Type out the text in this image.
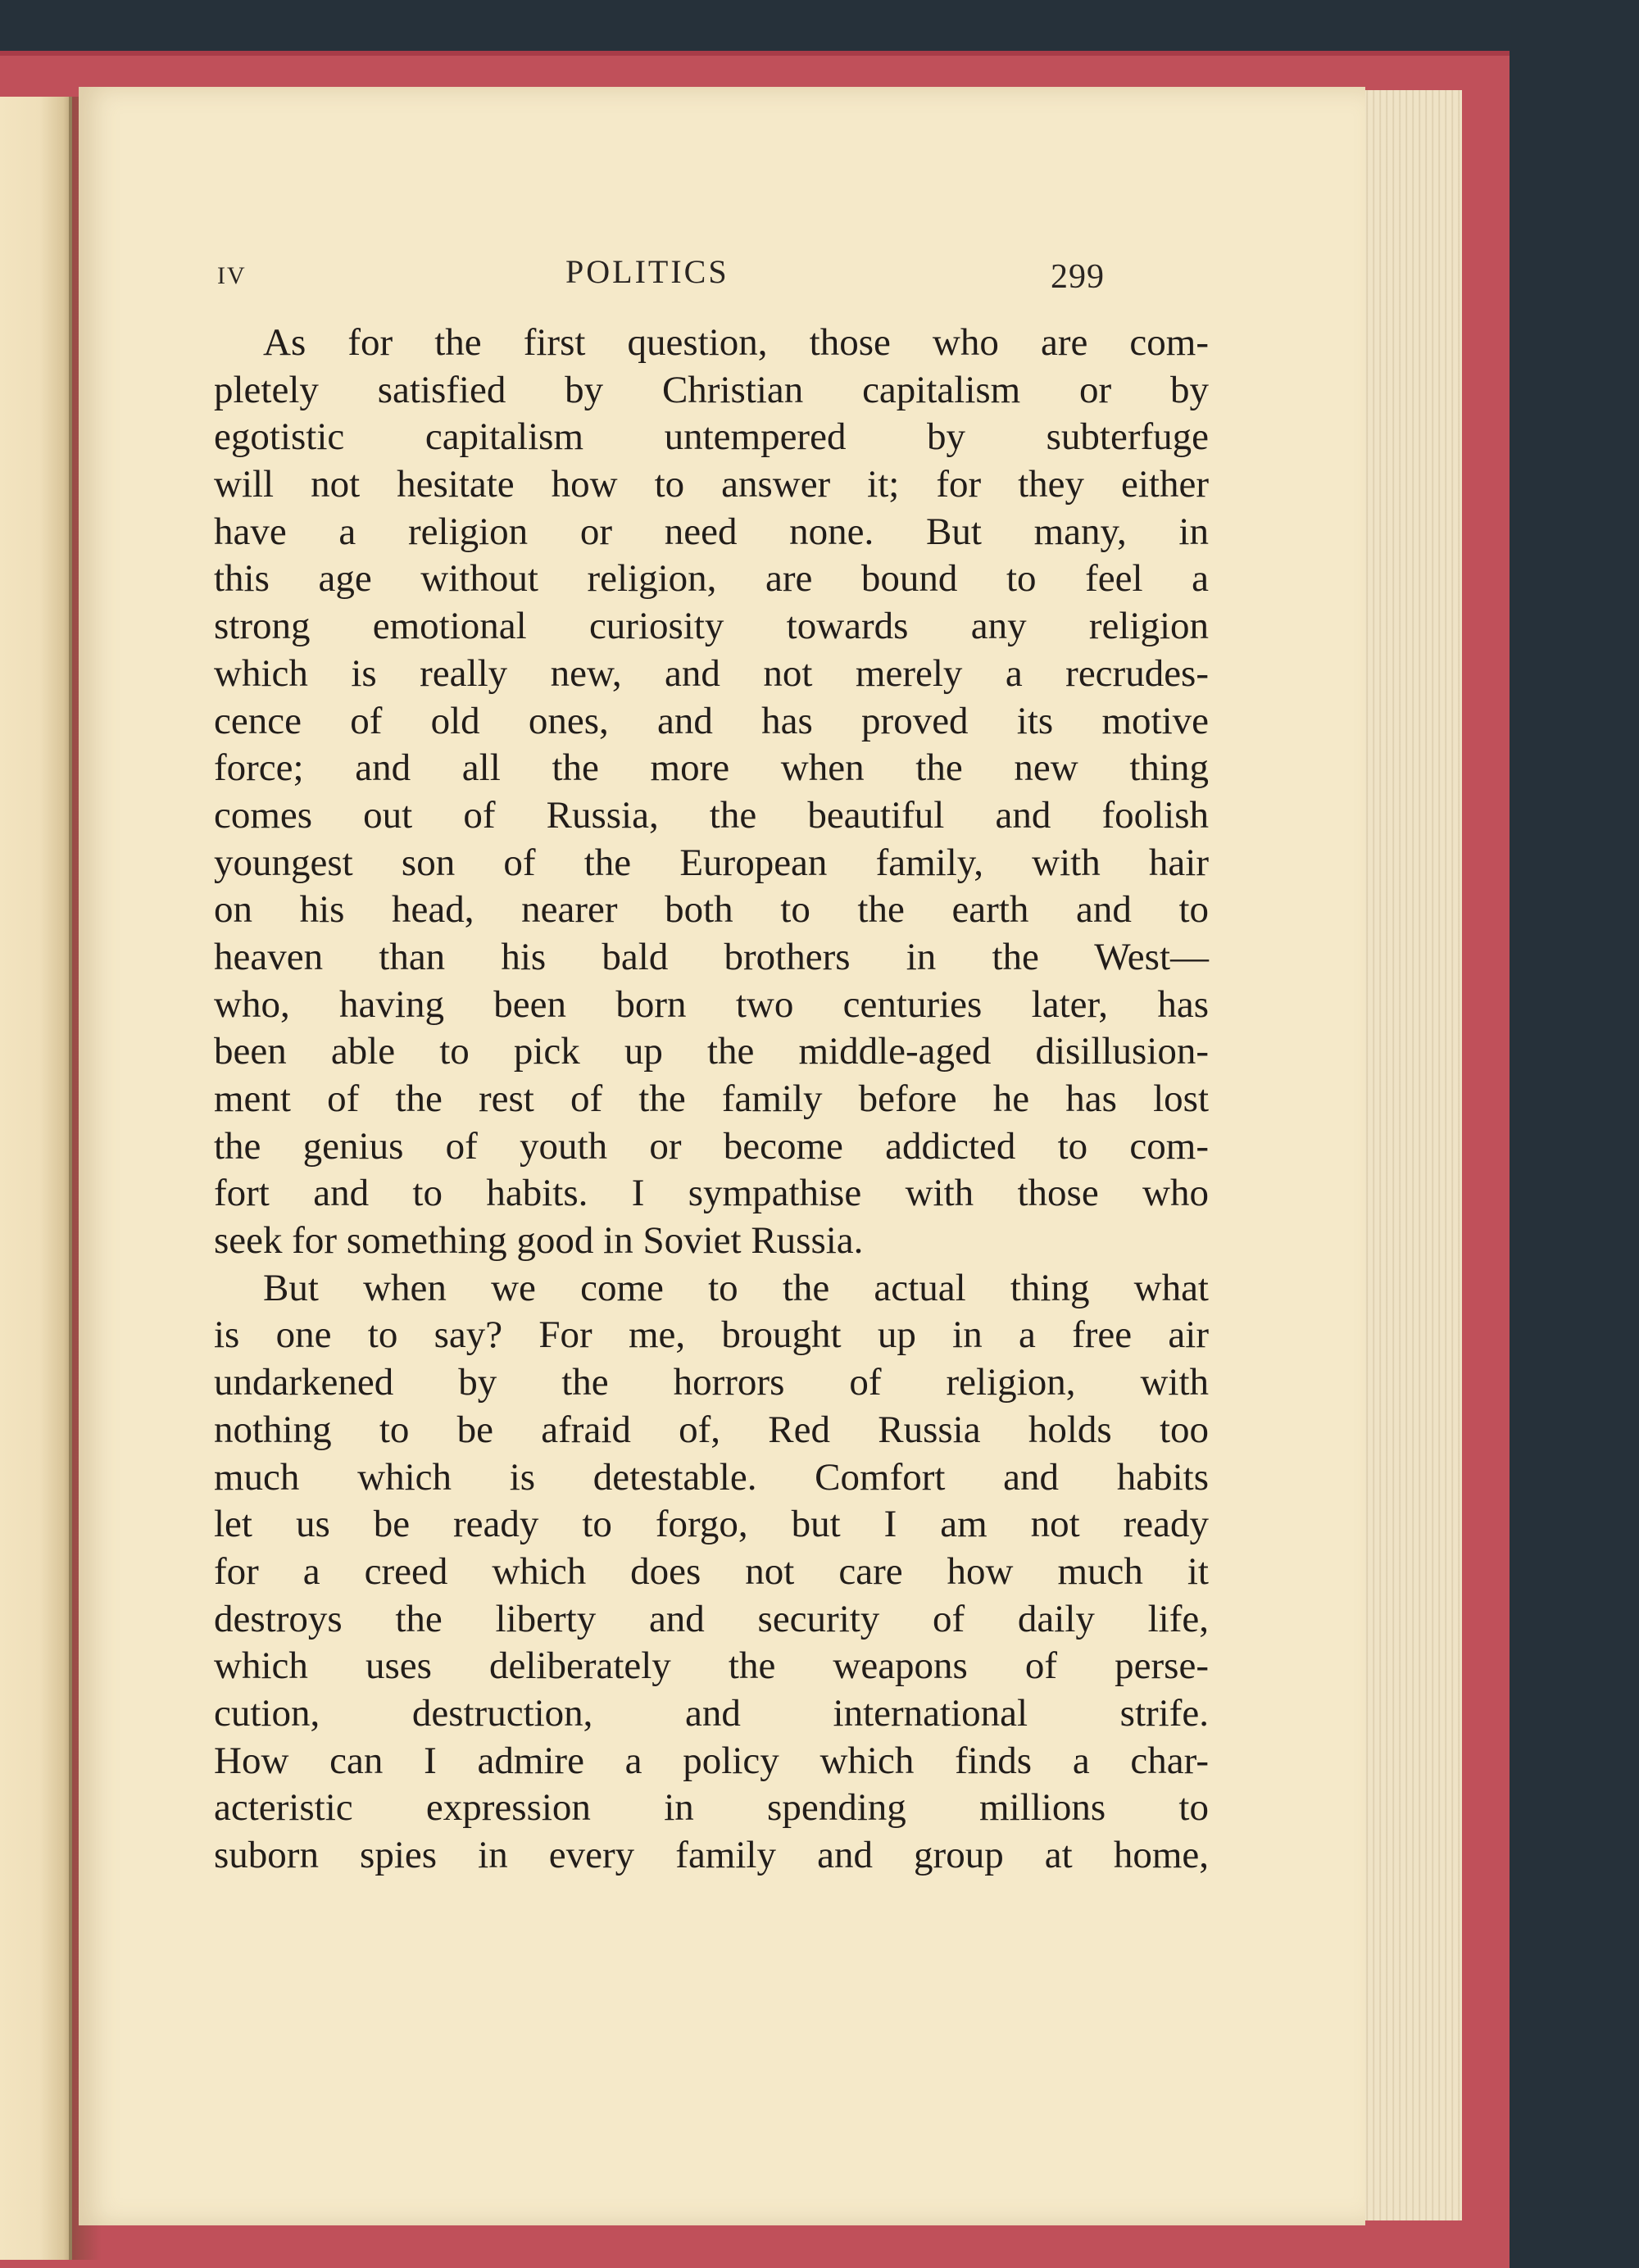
IV	POLITICS	299
As for the first question, those who are com-
pletely satisfied by Christian capitalism or by
egotistic capitalism untempered by subterfuge
will not hesitate how to answer it; for they either
have a religion or need none. But many, in
this age without religion, are bound to feel a
strong emotional curiosity towards any religion
which is really new, and not merely a recrudes-
cence of old ones, and has proved its motive
force; and all the more when the new thing
comes out of Russia, the beautiful and foolish
youngest son of the European family, with hair
on his head, nearer both to the earth and to
heaven than his bald brothers in the West—
who, having been born two centuries later, has
been able to pick up the middle-aged disillusion-
ment of the rest of the family before he has lost
the genius of youth or become addicted to com-
fort and to habits. I sympathise with those who
seek for something good in Soviet Russia.
But when we come to the actual thing what
is one to say? For me, brought up in a free air
undarkened by the horrors of religion, with
nothing to be afraid of, Red Russia holds too
much which is detestable. Comfort and habits
let us be ready to forgo, but I am not ready
for a creed which does not care how much it
destroys the liberty and security of daily life,
which uses deliberately the weapons of perse-
cution, destruction, and international strife.
How can I admire a policy which finds a char-
acteristic expression in spending millions to
suborn spies in every family and group at home,
